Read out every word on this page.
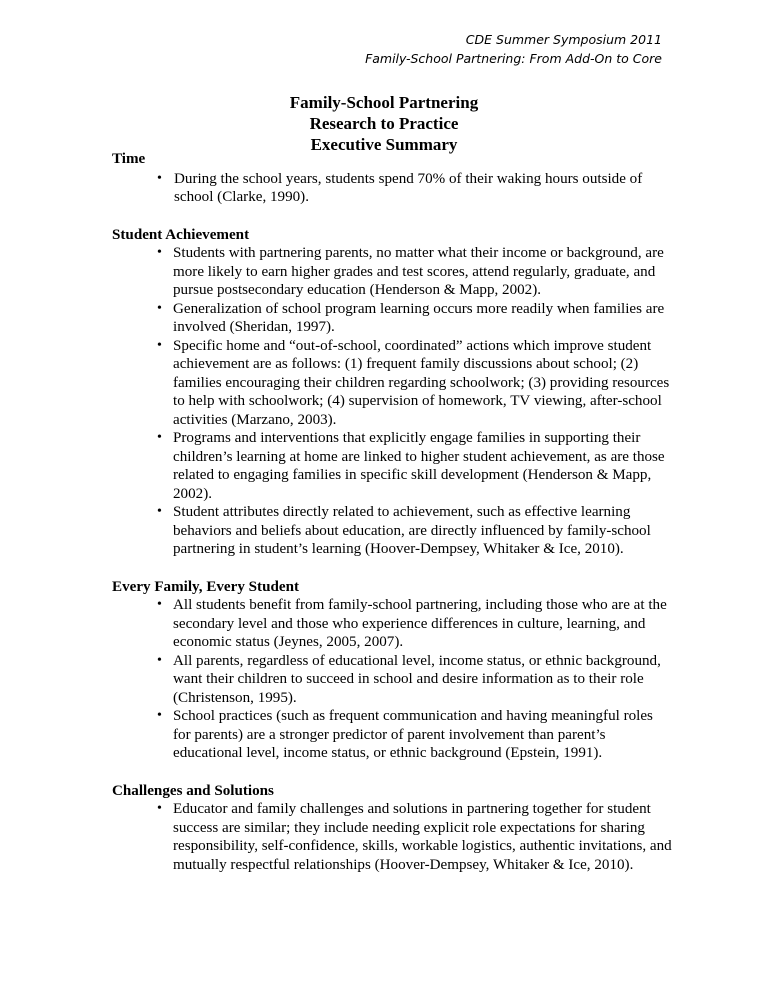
CDE Summer Symposium 2011
Family-School Partnering: From Add-On to Core
Family-School Partnering
Research to Practice
Executive Summary
Time
• During the school years, students spend 70% of their waking hours outside of school (Clarke, 1990).
Student Achievement
• Students with partnering parents, no matter what their income or background, are more likely to earn higher grades and test scores, attend regularly, graduate, and pursue postsecondary education (Henderson & Mapp, 2002).
• Generalization of school program learning occurs more readily when families are involved (Sheridan, 1997).
• Specific home and “out-of-school, coordinated” actions which improve student achievement are as follows: (1) frequent family discussions about school; (2) families encouraging their children regarding schoolwork; (3) providing resources to help with schoolwork; (4) supervision of homework, TV viewing, after-school activities (Marzano, 2003).
• Programs and interventions that explicitly engage families in supporting their children’s learning at home are linked to higher student achievement, as are those related to engaging families in specific skill development (Henderson & Mapp, 2002).
• Student attributes directly related to achievement, such as effective learning behaviors and beliefs about education, are directly influenced by family-school partnering in student’s learning (Hoover-Dempsey, Whitaker & Ice, 2010).
Every Family, Every Student
• All students benefit from family-school partnering, including those who are at the secondary level and those who experience differences in culture, learning, and economic status (Jeynes, 2005, 2007).
• All parents, regardless of educational level, income status, or ethnic background, want their children to succeed in school and desire information as to their role (Christenson, 1995).
• School practices (such as frequent communication and having meaningful roles for parents) are a stronger predictor of parent involvement than parent’s educational level, income status, or ethnic background (Epstein, 1991).
Challenges and Solutions
• Educator and family challenges and solutions in partnering together for student success are similar; they include needing explicit role expectations for sharing responsibility, self-confidence, skills, workable logistics, authentic invitations, and mutually respectful relationships (Hoover-Dempsey, Whitaker & Ice, 2010).
